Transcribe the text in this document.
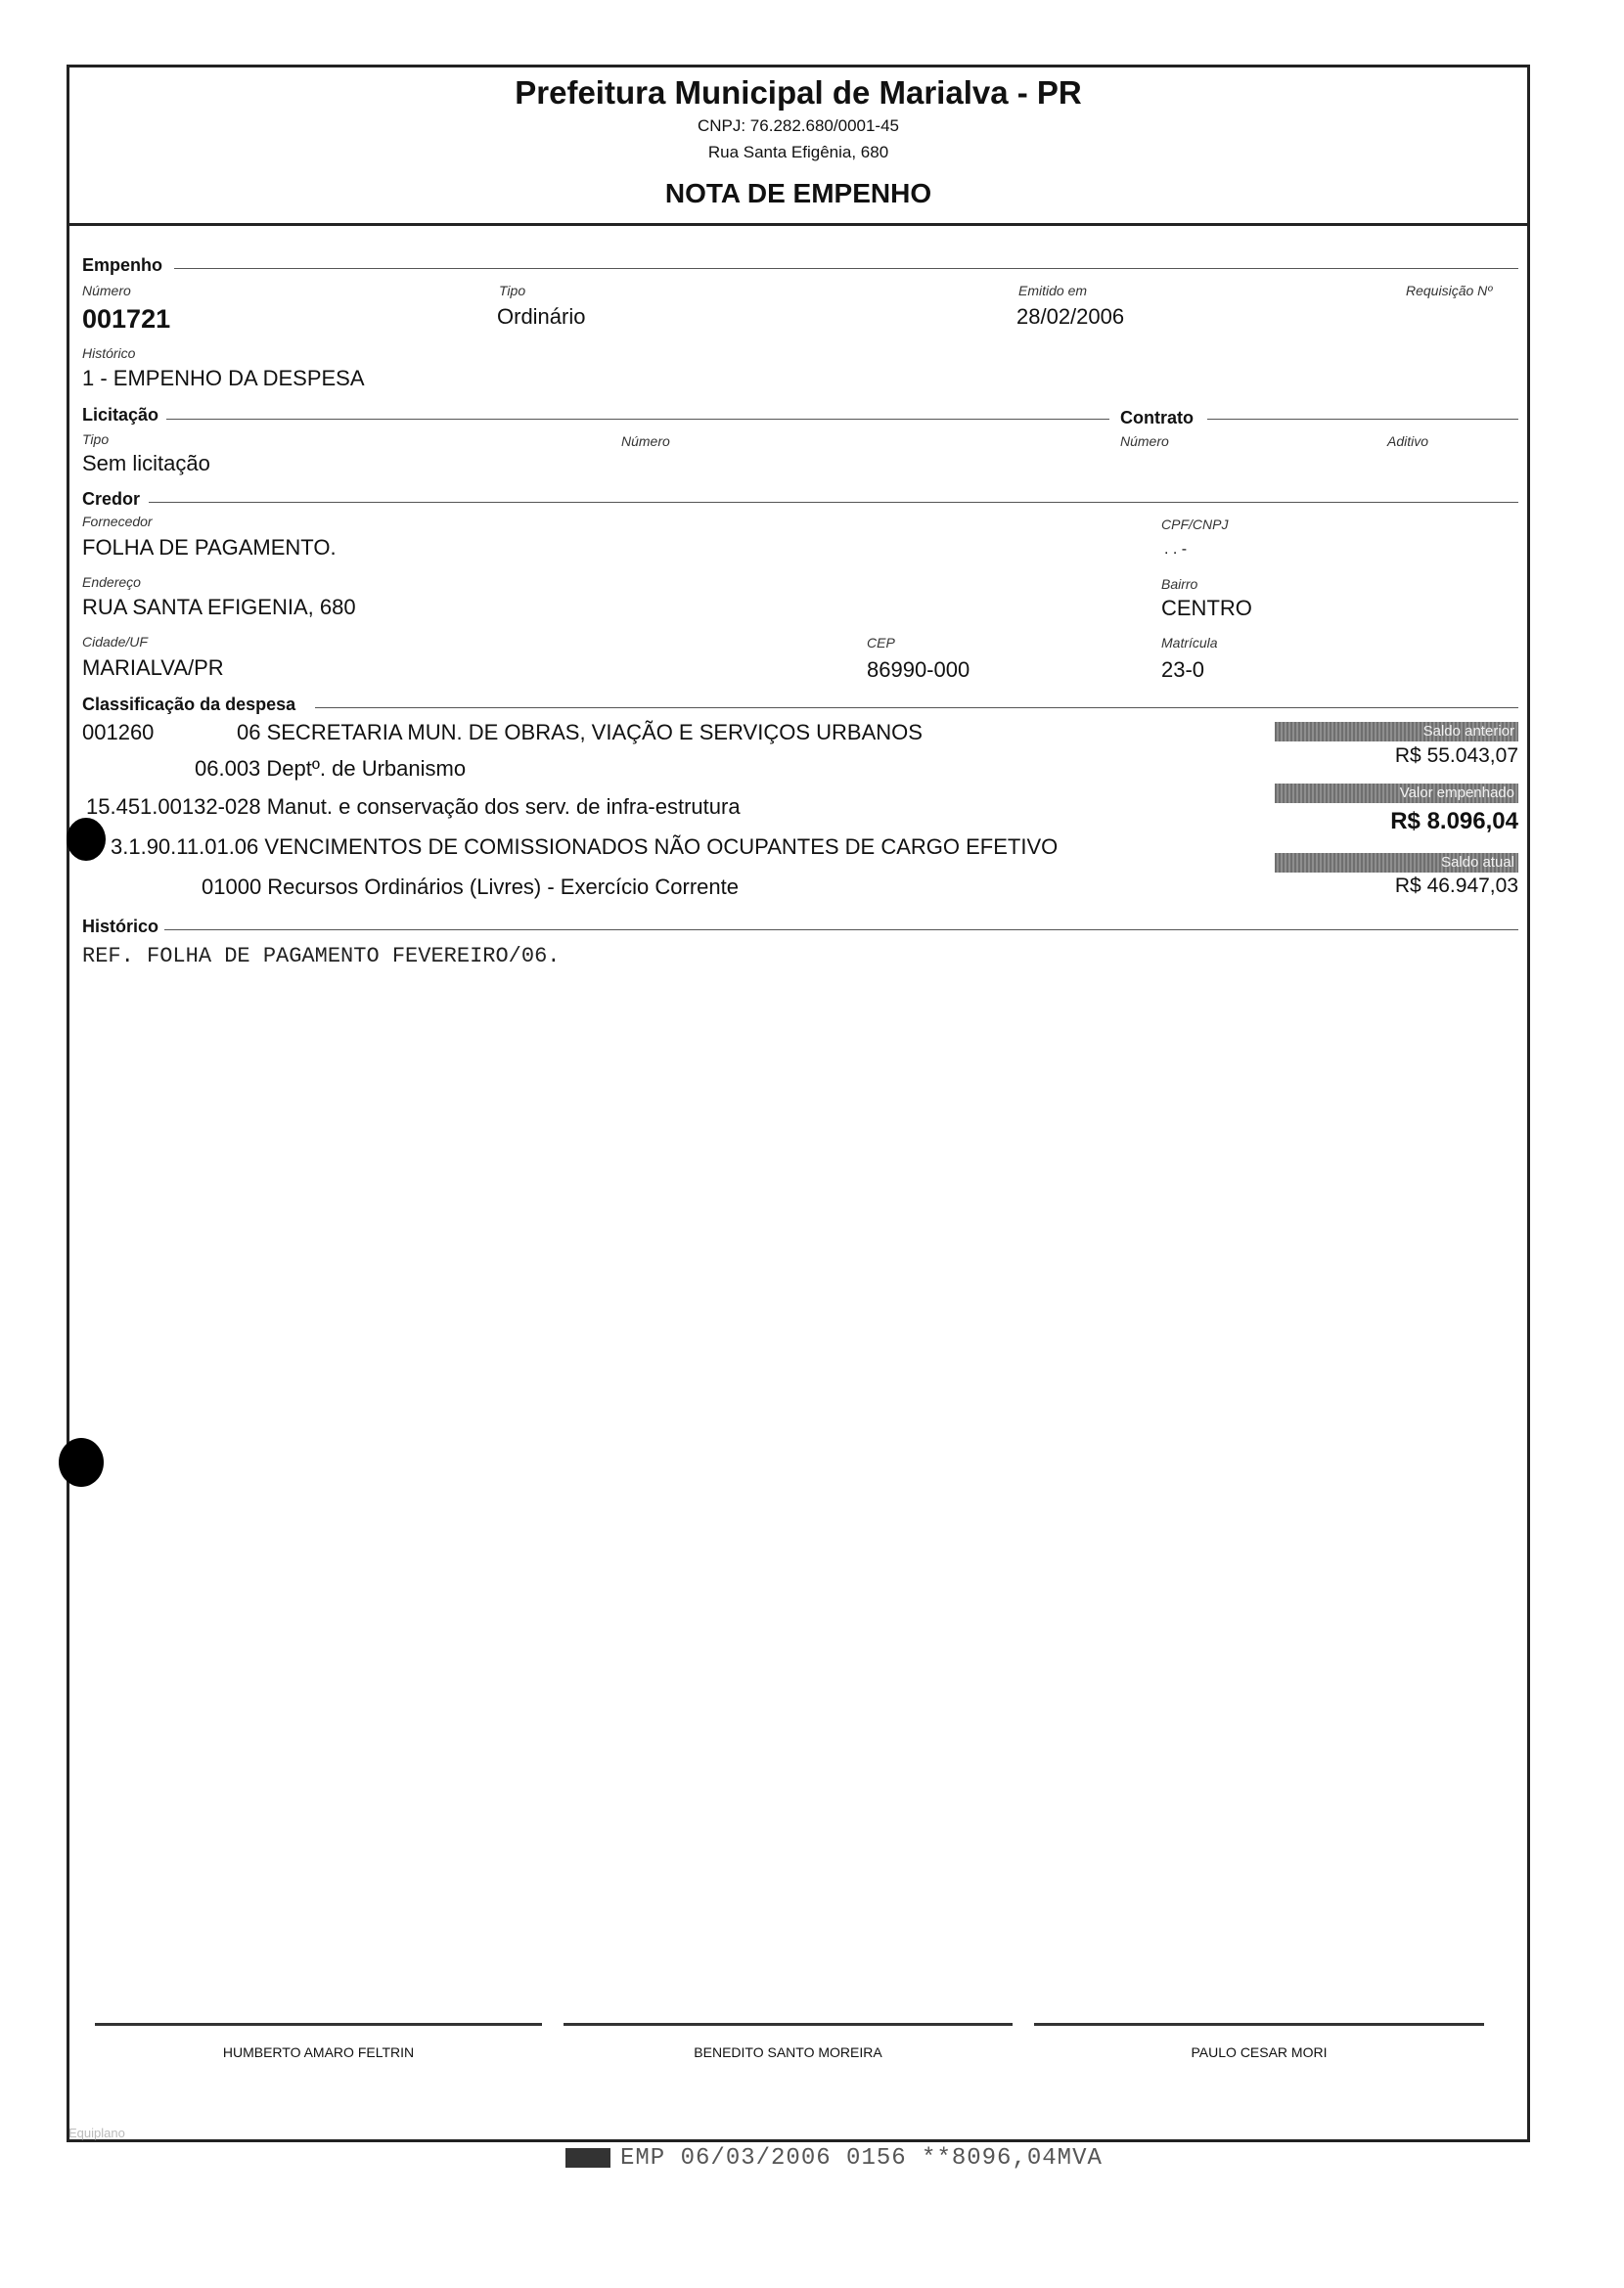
Prefeitura Municipal de Marialva - PR
CNPJ: 76.282.680/0001-45
Rua Santa Efigênia, 680
NOTA DE EMPENHO
Empenho
Número
001721
Tipo
Ordinário
Emitido em
28/02/2006
Requisição Nº
Histórico
1 - EMPENHO DA DESPESA
Licitação	Contrato
Tipo
Sem licitação
Número	Número	Aditivo
Credor
Fornecedor
FOLHA DE PAGAMENTO.
CPF/CNPJ
. . -
Endereço
RUA SANTA EFIGENIA, 680
Bairro
CENTRO
Cidade/UF
MARIALVA/PR
CEP
86990-000
Matrícula
23-0
Classificação da despesa
001260	06 SECRETARIA MUN. DE OBRAS, VIAÇÃO E SERVIÇOS URBANOS
06.003 Deptº. de Urbanismo
15.451.00132-028 Manut. e conservação dos serv. de infra-estrutura
3.1.90.11.01.06 VENCIMENTOS DE COMISSIONADOS NÃO OCUPANTES DE CARGO EFETIVO
01000 Recursos Ordinários (Livres) - Exercício Corrente
Saldo anterior
R$ 55.043,07
Valor empenhado
R$ 8.096,04
Saldo atual
R$ 46.947,03
Histórico
REF. FOLHA DE PAGAMENTO FEVEREIRO/06.
HUMBERTO AMARO FELTRIN	BENEDITO SANTO MOREIRA	PAULO CESAR MORI
Equiplano
EMP 06/03/2006 0156 **8096,04MVA
